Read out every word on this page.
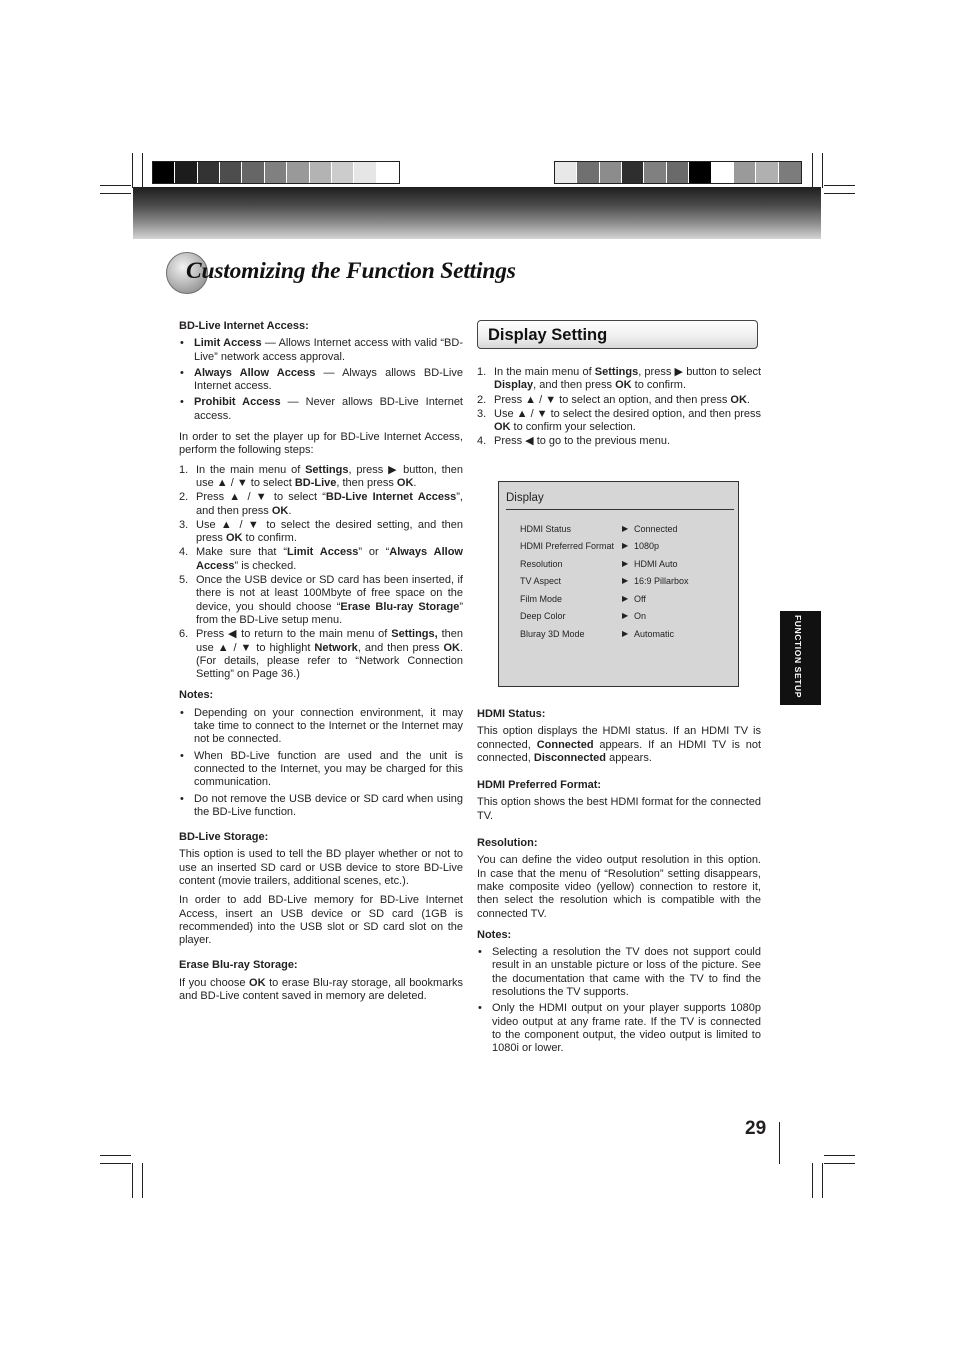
Customizing the Function Settings
BD-Live Internet Access:
• Limit Access — Allows Internet access with valid “BD-Live” network access approval.
• Always Allow Access — Always allows BD-Live Internet access.
• Prohibit Access — Never allows BD-Live Internet access.

In order to set the player up for BD-Live Internet Access, perform the following steps:

1. In the main menu of Settings, press ▶ button, then use ▲ / ▼ to select BD-Live, then press OK.
2. Press ▲ / ▼ to select “BD-Live Internet Access”, and then press OK.
3. Use ▲ / ▼ to select the desired setting, and then press OK to confirm.
4. Make sure that “Limit Access” or “Always Allow Access” is checked.
5. Once the USB device or SD card has been inserted, if there is not at least 100Mbyte of free space on the device, you should choose “Erase Blu-ray Storage” from the BD-Live setup menu.
6. Press ◀ to return to the main menu of Settings, then use ▲ / ▼ to highlight Network, and then press OK. (For details, please refer to “Network Connection Setting” on Page 36.)
Notes:
• Depending on your connection environment, it may take time to connect to the Internet or the Internet may not be connected.
• When BD-Live function are used and the unit is connected to the Internet, you may be charged for this communication.
• Do not remove the USB device or SD card when using the BD-Live function.
BD-Live Storage:

This option is used to tell the BD player whether or not to use an inserted SD card or USB device to store BD-Live content (movie trailers, additional scenes, etc.).

In order to add BD-Live memory for BD-Live Internet Access, insert an USB device or SD card (1GB is recommended) into the USB slot or SD card slot on the player.

Erase Blu-ray Storage:

If you choose OK to erase Blu-ray storage, all bookmarks and BD-Live content saved in memory are deleted.

Display Setting
1. In the main menu of Settings, press ▶ button to select Display, and then press OK to confirm.
2. Press ▲ / ▼ to select an option, and then press OK.
3. Use ▲ / ▼ to select the desired option, and then press OK to confirm your selection.
4. Press ◀ to go to the previous menu.
Display
HDMI Status	▶ Connected
HDMI Preferred Format ▶ 1080p
Resolution	▶ HDMI Auto
TV Aspect	▶ 16:9 Pillarbox
Film Mode	▶ Off
Deep Color	▶ On
Bluray 3D Mode	▶ Automatic
HDMI Status:

This option displays the HDMI status. If an HDMI TV is connected, Connected appears. If an HDMI TV is not connected, Disconnected appears.

HDMI Preferred Format:

This option shows the best HDMI format for the connected TV.

Resolution:

You can define the video output resolution in this option. In case that the menu of “Resolution” setting disappears, make composite video (yellow) connection to restore it, then select the resolution which is compatible with the connected TV.

Notes:
• Selecting a resolution the TV does not support could result in an unstable picture or loss of the picture. See the documentation that came with the TV to find the resolutions the TV supports.
• Only the HDMI output on your player supports 1080p video output at any frame rate. If the TV is connected to the component output, the video output is limited to 1080i or lower.
FUNCTION SETUP
29
